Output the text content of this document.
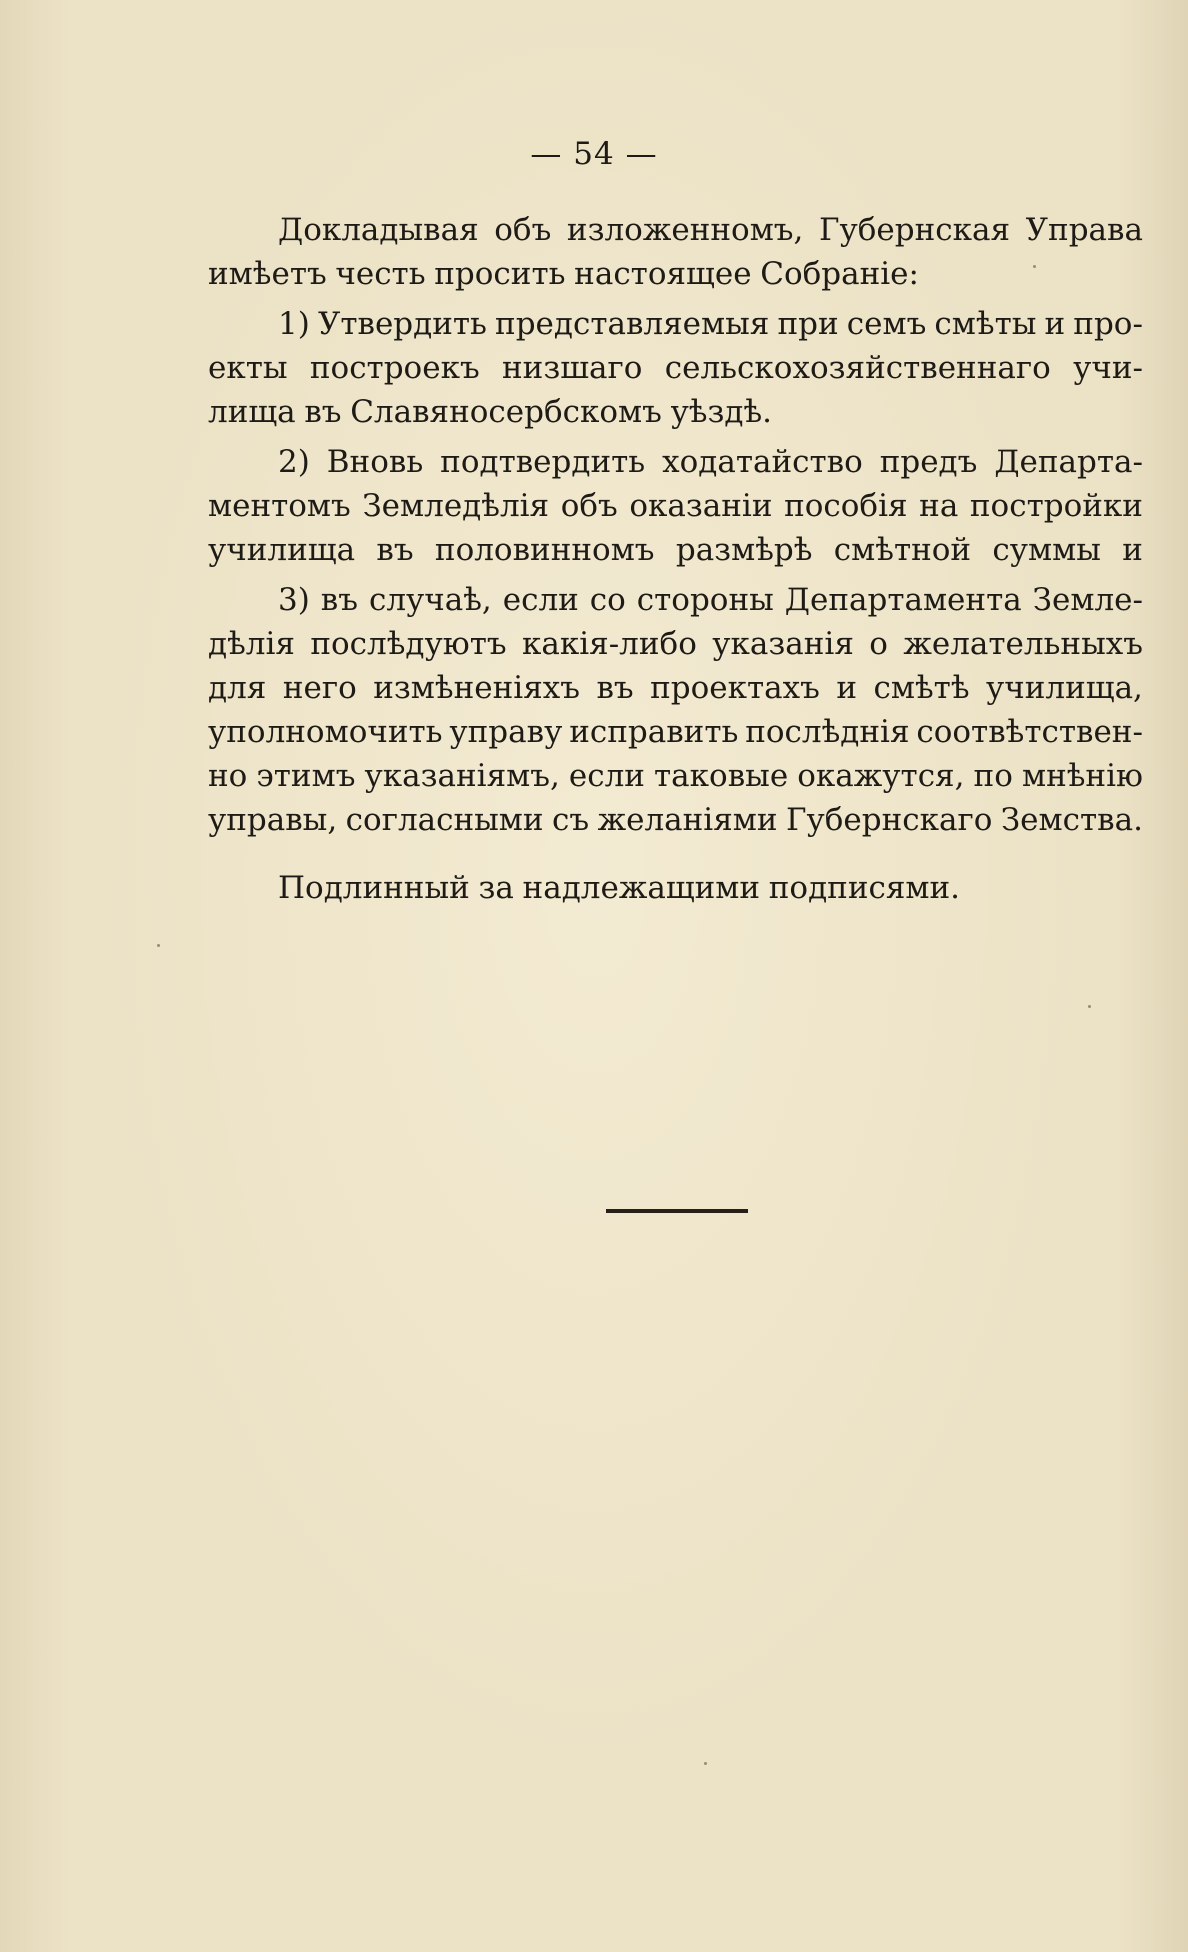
— 54 —
Докладывая объ изложенномъ, Губернская Управа
имѣетъ честь просить настоящее Собраніе:
1) Утвердить представляемыя при семъ смѣты и про-
екты построекъ низшаго сельскохозяйственнаго учи-
лища въ Славяносербскомъ уѣздѣ.
2) Вновь подтвердить ходатайство предъ Департа-
ментомъ Земледѣлія объ оказаніи пособія на постройки
училища въ половинномъ размѣрѣ смѣтной суммы и
3) въ случаѣ, если со стороны Департамента Земле-
дѣлія послѣдуютъ какія-либо указанія о желательныхъ
для него измѣненіяхъ въ проектахъ и смѣтѣ училища,
уполномочить управу исправить послѣднія соотвѣтствен-
но этимъ указаніямъ, если таковые окажутся, по мнѣнію
управы, согласными съ желаніями Губернскаго Земства.
Подлинный за надлежащими подписями.
